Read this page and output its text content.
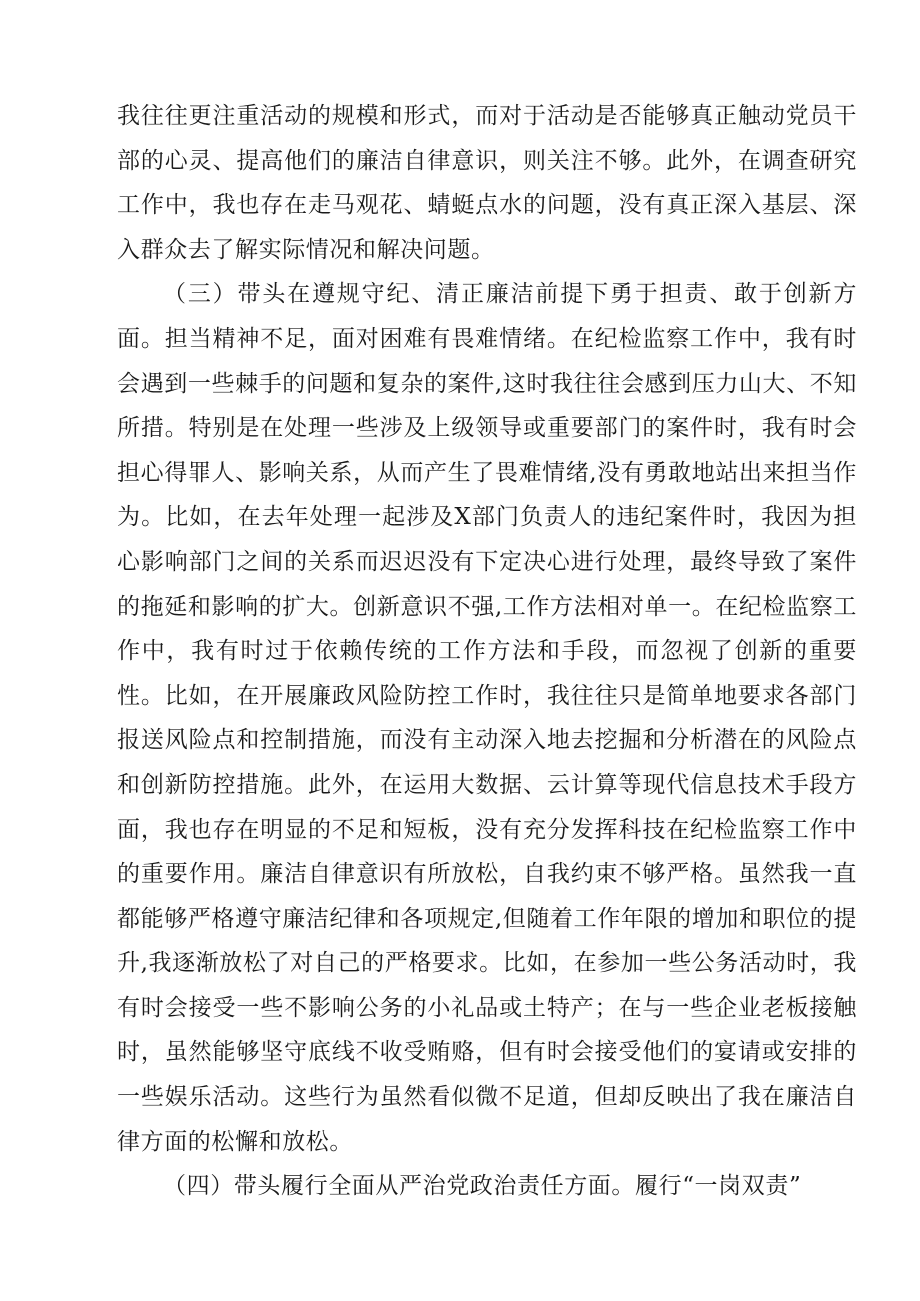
我往往更注重活动的规模和形式，而对于活动是否能够真正触动党员干部的心灵、提高他们的廉洁自律意识，则关注不够。此外，在调查研究工作中，我也存在走马观花、蜻蜓点水的问题，没有真正深入基层、深入群众去了解实际情况和解决问题。

（三）带头在遵规守纪、清正廉洁前提下勇于担责、敢于创新方面。担当精神不足，面对困难有畏难情绪。在纪检监察工作中，我有时会遇到一些棘手的问题和复杂的案件,这时我往往会感到压力山大、不知所措。特别是在处理一些涉及上级领导或重要部门的案件时，我有时会担心得罪人、影响关系，从而产生了畏难情绪,没有勇敢地站出来担当作为。比如，在去年处理一起涉及X部门负责人的违纪案件时，我因为担心影响部门之间的关系而迟迟没有下定决心进行处理，最终导致了案件的拖延和影响的扩大。创新意识不强,工作方法相对单一。在纪检监察工作中，我有时过于依赖传统的工作方法和手段，而忽视了创新的重要性。比如，在开展廉政风险防控工作时，我往往只是简单地要求各部门报送风险点和控制措施，而没有主动深入地去挖掘和分析潜在的风险点和创新防控措施。此外，在运用大数据、云计算等现代信息技术手段方面，我也存在明显的不足和短板，没有充分发挥科技在纪检监察工作中的重要作用。廉洁自律意识有所放松，自我约束不够严格。虽然我一直都能够严格遵守廉洁纪律和各项规定,但随着工作年限的增加和职位的提升,我逐渐放松了对自己的严格要求。比如，在参加一些公务活动时，我有时会接受一些不影响公务的小礼品或土特产；在与一些企业老板接触时，虽然能够坚守底线不收受贿赂，但有时会接受他们的宴请或安排的一些娱乐活动。这些行为虽然看似微不足道，但却反映出了我在廉洁自律方面的松懈和放松。

（四）带头履行全面从严治党政治责任方面。履行“一岗双责”
